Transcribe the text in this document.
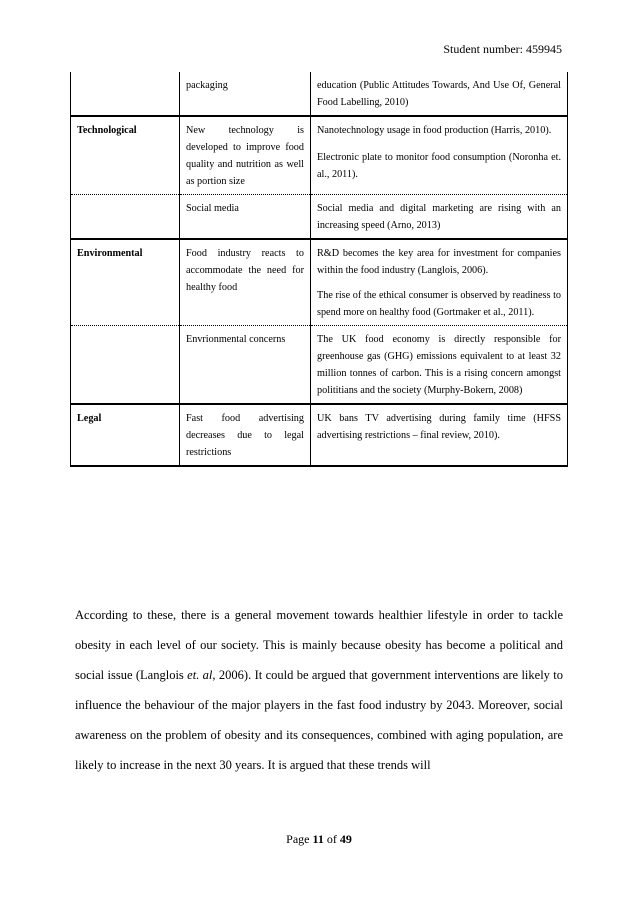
Student number: 459945
	packaging	education (Public Attitudes Towards, And Use Of, General Food Labelling, 2010)

Technological	New technology is developed to improve food quality and nutrition as well as portion size	Nanotechnology usage in food production (Harris, 2010).
Electronic plate to monitor food consumption (Noronha et. al., 2011).

	Social media	Social media and digital marketing are rising with an increasing speed (Arno, 2013)

Environmental	Food industry reacts to accommodate the need for healthy food	R&D becomes the key area for investment for companies within the food industry (Langlois, 2006).
The rise of the ethical consumer is observed by readiness to spend more on healthy food (Gortmaker et al., 2011).

	Envrionmental concerns	The UK food economy is directly responsible for greenhouse gas (GHG) emissions equivalent to at least 32 million tonnes of carbon. This is a rising concern amongst polititians and the society (Murphy-Bokern, 2008)

Legal	Fast food advertising decreases due to legal restrictions	UK bans TV advertising during family time (HFSS advertising restrictions – final review, 2010).

According to these, there is a general movement towards healthier lifestyle in order to tackle obesity in each level of our society. This is mainly because obesity has become a political and social issue (Langlois et. al, 2006). It could be argued that government interventions are likely to influence the behaviour of the major players in the fast food industry by 2043. Moreover, social awareness on the problem of obesity and its consequences, combined with aging population, are likely to increase in the next 30 years. It is argued that these trends will

Page 11 of 49
